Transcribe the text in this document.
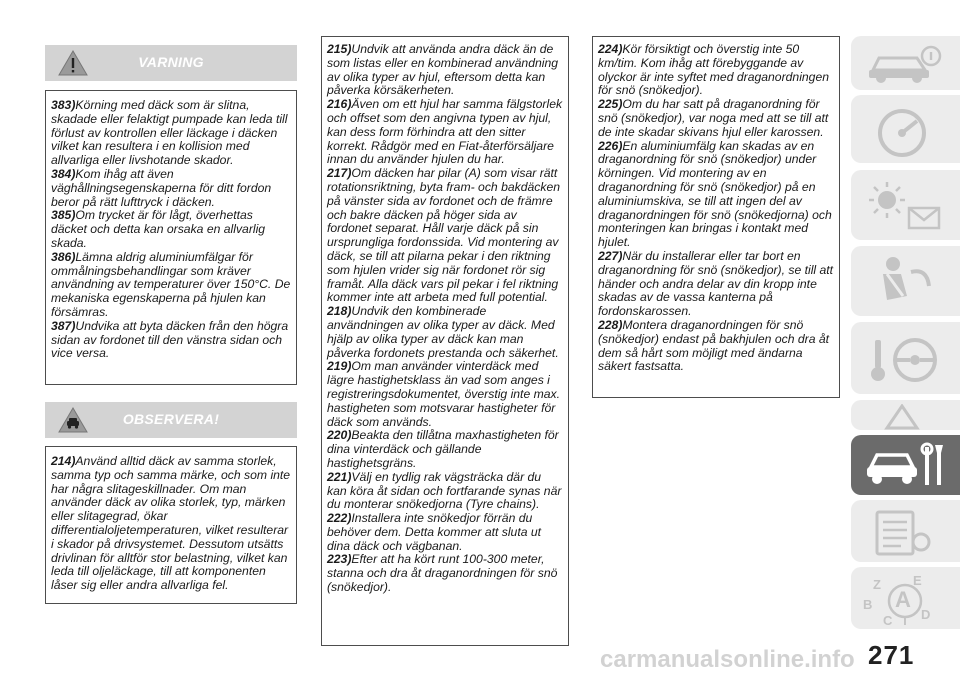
VARNING

383)Körning med däck som är slitna, skadade eller felaktigt pumpade kan leda till förlust av kontrollen eller läckage i däcken vilket kan resultera i en kollision med allvarliga eller livshotande skador.

384)Kom ihåg att även väghållningsegenskaperna för ditt fordon beror på rätt lufttryck i däcken.

385)Om trycket är för lågt, överhettas däcket och detta kan orsaka en allvarlig skada.

386)Lämna aldrig aluminiumfälgar för ommålningsbehandlingar som kräver användning av temperaturer över 150°C. De mekaniska egenskaperna på hjulen kan försämras.

387)Undvika att byta däcken från den högra sidan av fordonet till den vänstra sidan och vice versa.

OBSERVERA!

214)Använd alltid däck av samma storlek, samma typ och samma märke, och som inte har några slitageskillnader. Om man använder däck av olika storlek, typ, märken eller slitagegrad, ökar differentialoljetemperaturen, vilket resulterar i skador på drivsystemet. Dessutom utsätts drivlinan för alltför stor belastning, vilket kan leda till oljeläckage, till att komponenten låser sig eller andra allvarliga fel.

215)Undvik att använda andra däck än de som listas eller en kombinerad användning av olika typer av hjul, eftersom detta kan påverka körsäkerheten.

216)Även om ett hjul har samma fälgstorlek och offset som den angivna typen av hjul, kan dess form förhindra att den sitter korrekt. Rådgör med en Fiat-återförsäljare innan du använder hjulen du har.

217)Om däcken har pilar (A) som visar rätt rotationsriktning, byta fram- och bakdäcken på vänster sida av fordonet och de främre och bakre däcken på höger sida av fordonet separat. Håll varje däck på sin ursprungliga fordonssida. Vid montering av däck, se till att pilarna pekar i den riktning som hjulen vrider sig när fordonet rör sig framåt. Alla däck vars pil pekar i fel riktning kommer inte att arbeta med full potential.

218)Undvik den kombinerade användningen av olika typer av däck. Med hjälp av olika typer av däck kan man påverka fordonets prestanda och säkerhet.

219)Om man använder vinterdäck med lägre hastighetsklass än vad som anges i registreringsdokumentet, överstig inte max. hastigheten som motsvarar hastigheter för däck som används.

220)Beakta den tillåtna maxhastigheten för dina vinterdäck och gällande hastighetsgräns.

221)Välj en tydlig rak vägsträcka där du kan köra åt sidan och fortfarande synas när du monterar snökedjorna (Tyre chains).

222)Installera inte snökedjor förrän du behöver dem. Detta kommer att sluta ut dina däck och vägbanan.

223)Efter att ha kört runt 100-300 meter, stanna och dra åt draganordningen för snö (snökedjor).

224)Kör försiktigt och överstig inte 50 km/tim. Kom ihåg att förebyggande av olyckor är inte syftet med draganordningen för snö (snökedjor).

225)Om du har satt på draganordning för snö (snökedjor), var noga med att se till att de inte skadar skivans hjul eller karossen.

226)En aluminiumfälg kan skadas av en draganordning för snö (snökedjor) under körningen. Vid montering av en draganordning för snö (snökedjor) på en aluminiumskiva, se till att ingen del av draganordningen för snö (snökedjorna) och monteringen kan bringas i kontakt med hjulet.

227)När du installerar eller tar bort en draganordning för snö (snökedjor), se till att händer och andra delar av din kropp inte skadas av de vassa kanterna på fordonskarossen.

228)Montera draganordningen för snö (snökedjor) endast på bakhjulen och dra åt dem så hårt som möjligt med ändarna säkert fastsatta.

Z E
B A
C T D
271
carmanualsonline.info
